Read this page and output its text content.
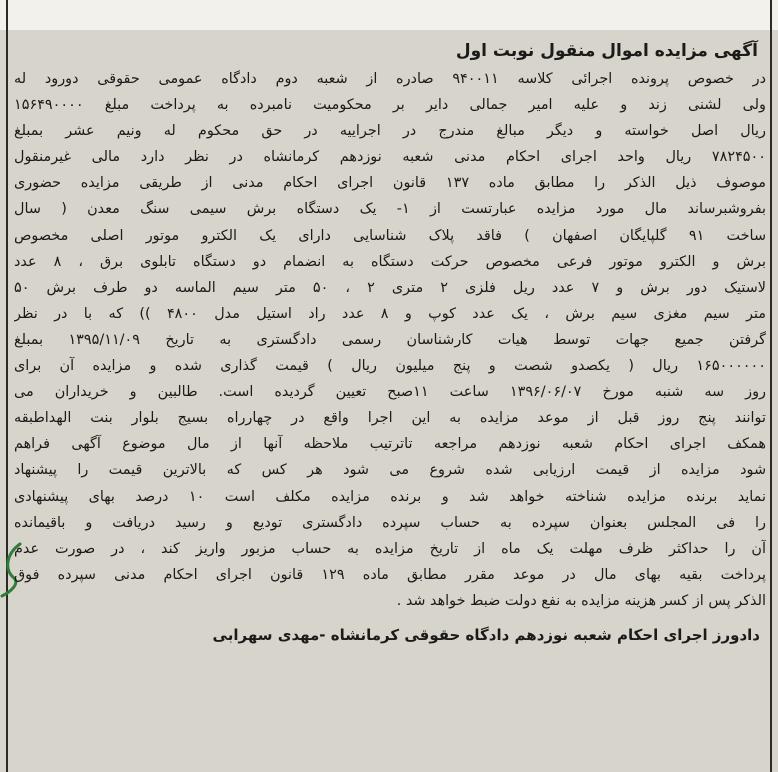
آگهی مزایده اموال منقول نوبت اول
در خصوص پرونده اجرائی کلاسه ۹۴۰۰۱۱ صادره از شعبه دوم دادگاه عمومی حقوقی دورود له
ولی لشنی زند و علیه امیر جمالی دایر بر محکومیت نامبرده به پرداخت مبلغ ۱۵۶۴۹۰۰۰۰
ریال اصل خواسته و دیگر مبالغ مندرج در اجراییه در حق محکوم له ونیم عشر بمبلغ
۷۸۲۴۵۰۰ ریال واحد اجرای احکام مدنی شعبه نوزدهم کرمانشاه در نظر دارد مالی غیرمنقول
موصوف ذیل الذکر را مطابق ماده ۱۳۷ قانون اجرای احکام مدنی از طریقی مزایده حضوری
بفروشبرساند مال مورد مزایده عبارتست از ۱- یک دستگاه برش سیمی سنگ معدن ( سال
ساخت ۹۱ گلپایگان اصفهان ) فاقد پلاک شناسایی دارای یک الکترو موتور اصلی مخصوص
برش و الکترو موتور فرعی مخصوص حرکت دستگاه به انضمام دو دستگاه تابلوی برق ، ۸ عدد
لاستیک دور برش و ۷ عدد ریل فلزی ۲ متری ۲ ، ۵۰ متر سیم الماسه دو طرف برش ۵۰
متر سیم مغزی سیم برش ، یک عدد کوپ و ۸ عدد راد استیل مدل ۴۸۰۰ )) که با در نظر
گرفتن جمیع جهات توسط هیات کارشناسان رسمی دادگستری به تاریخ ۱۳۹۵/۱۱/۰۹ بمبلغ
۱۶۵۰۰۰۰۰۰ ریال ( یکصدو شصت و پنج میلیون ریال ) قیمت گذاری شده و مزایده آن برای
روز سه شنبه مورخ ۱۳۹۶/۰۶/۰۷ ساعت ۱۱صبح تعیین گردیده است. طالبین و خریداران می
توانند پنج روز قبل از موعد مزایده به این اجرا واقع در چهارراه بسیج بلوار بنت الهداطبقه
همکف اجرای احکام شعبه نوزدهم مراجعه تاترتیب ملاحظه آنها از مال موضوع آگهی فراهم
شود مزایده از قیمت ارزیابی شده شروع می شود هر کس که بالاترین قیمت را پیشنهاد
نماید برنده مزایده شناخته خواهد شد و برنده مزایده مکلف است ۱۰ درصد بهای پیشنهادی
را فی المجلس بعنوان سپرده به حساب سپرده دادگستری تودیع و رسید دریافت و باقیمانده
آن را حداکثر ظرف مهلت یک ماه از تاریخ مزایده به حساب مزبور واریز کند ، در صورت عدم
پرداخت بقیه بهای مال در موعد مقرر مطابق ماده ۱۲۹ قانون اجرای احکام مدنی سپرده فوق
الذکر پس از کسر هزینه مزایده به نفع دولت ضبط خواهد شد .
دادورز اجرای احکام شعبه نوزدهم دادگاه حقوقی کرمانشاه -مهدی سهرابی
